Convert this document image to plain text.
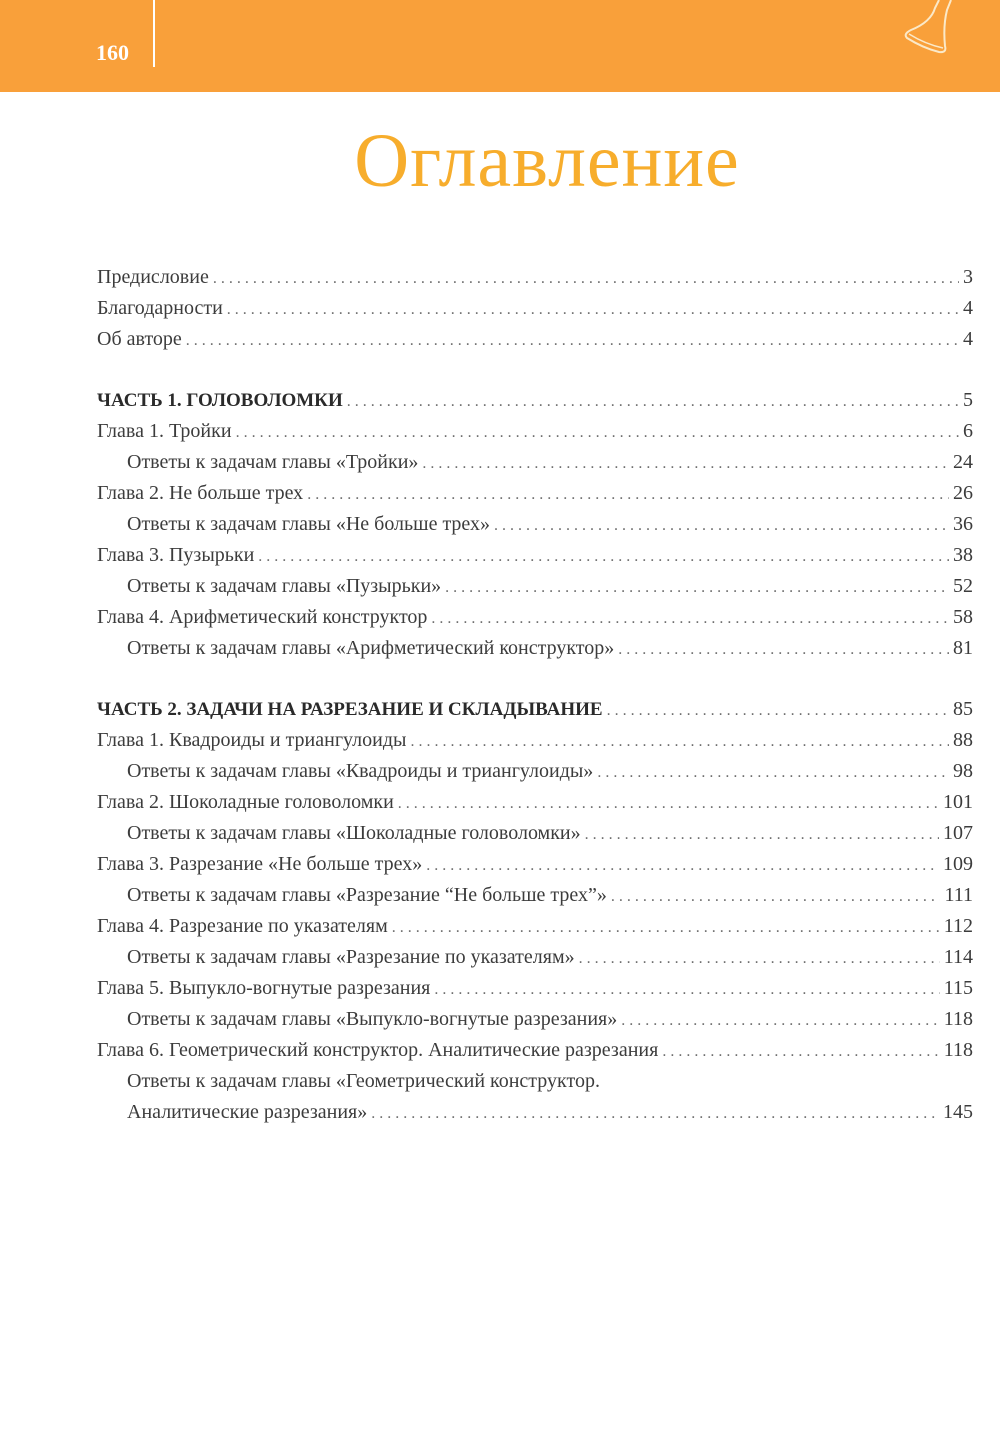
160
Оглавление
Предисловие . . .	3
Благодарности . . .	4
Об авторе . . .	4
ЧАСТЬ 1. ГОЛОВОЛОМКИ . . .	5
Глава 1. Тройки . . .	6
Ответы к задачам главы «Тройки» . . .	24
Глава 2. Не больше трех . . .	26
Ответы к задачам главы «Не больше трех» . . .	36
Глава 3. Пузырьки . . .	38
Ответы к задачам главы «Пузырьки» . . .	52
Глава 4. Арифметический конструктор . . .	58
Ответы к задачам главы «Арифметический конструктор» . . .	81
ЧАСТЬ 2. ЗАДАЧИ НА РАЗРЕЗАНИЕ И СКЛАДЫВАНИЕ . . .	85
Глава 1. Квадроиды и триангулоиды . . .	88
Ответы к задачам главы «Квадроиды и триангулоиды» . . .	98
Глава 2. Шоколадные головоломки . . .	101
Ответы к задачам главы «Шоколадные головоломки» . . .	107
Глава 3. Разрезание «Не больше трех» . . .	109
Ответы к задачам главы «Разрезание “Не больше трех”» . . .	111
Глава 4. Разрезание по указателям . . .	112
Ответы к задачам главы «Разрезание по указателям» . . .	114
Глава 5. Выпукло-вогнутые разрезания . . .	115
Ответы к задачам главы «Выпукло-вогнутые разрезания» . . .	118
Глава 6. Геометрический конструктор. Аналитические разрезания . . .	118
Ответы к задачам главы «Геометрический конструктор.
Аналитические разрезания» . . .	145
